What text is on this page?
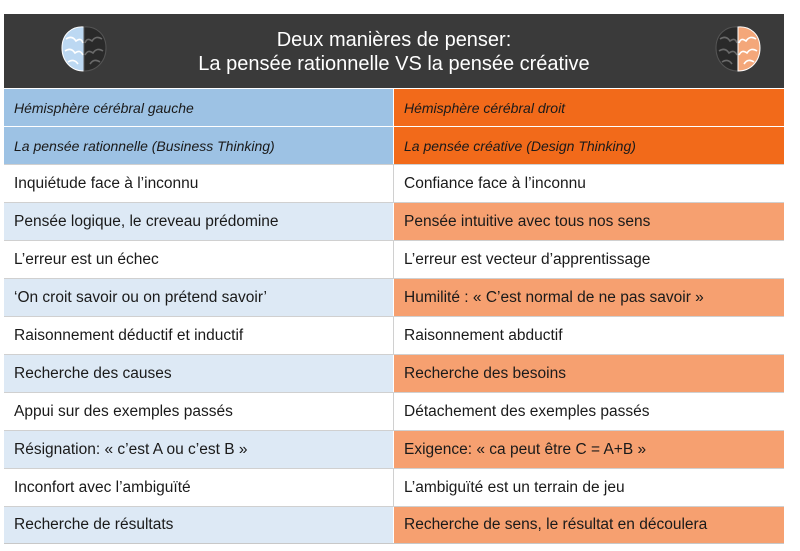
Deux manières de penser:
La pensée rationnelle VS la pensée créative
Hémisphère cérébral gauche	Hémisphère cérébral droit
La pensée rationnelle (Business Thinking)	La pensée créative (Design Thinking)
Inquiétude face à l’inconnu	Confiance face à l’inconnu
Pensée logique, le creveau prédomine	Pensée intuitive avec tous nos sens
L’erreur est un échec	L’erreur est vecteur d’apprentissage
‘On croit savoir ou on prétend savoir’	Humilité : « C’est normal de ne pas savoir »
Raisonnement déductif et inductif	Raisonnement abductif
Recherche des causes	Recherche des besoins
Appui sur des exemples passés	Détachement des exemples passés
Résignation: « c’est A ou c’est B »	Exigence: « ca peut être C = A+B »
Inconfort avec l’ambiguïté	L’ambiguïté est un terrain de jeu
Recherche de résultats	Recherche de sens, le résultat en découlera
